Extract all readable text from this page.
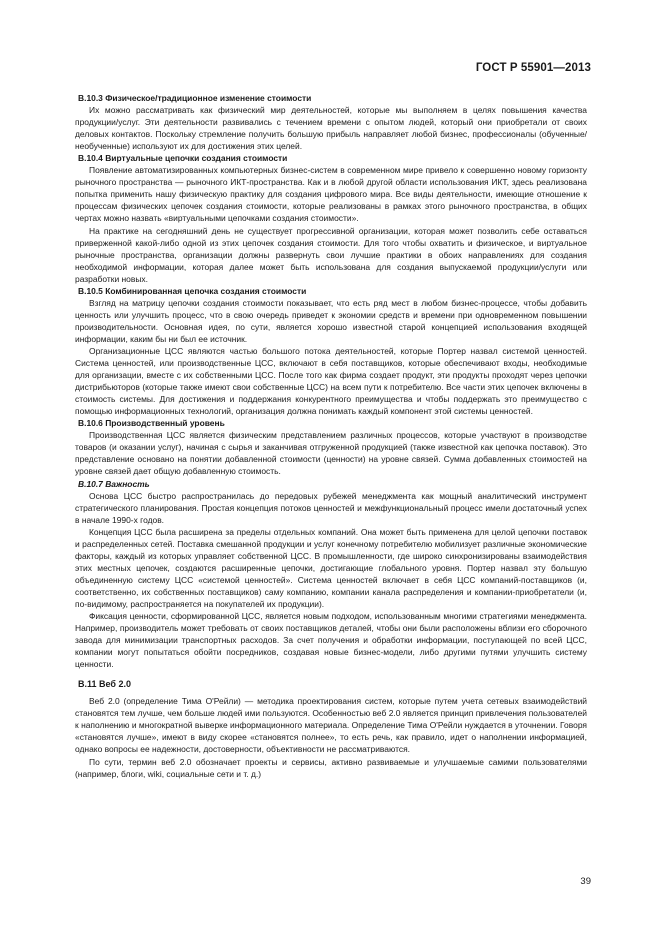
ГОСТ Р 55901—2013
B.10.3 Физическое/традиционное изменение стоимости

Их можно рассматривать как физический мир деятельностей, которые мы выполняем в целях повышения качества продукции/услуг. Эти деятельности развивались с течением времени с опытом людей, который они приобретали от своих деловых контактов. Поскольку стремление получить большую прибыль направляет любой бизнес, профессионалы (обученные/необученные) используют их для достижения этих целей.

B.10.4 Виртуальные цепочки создания стоимости

Появление автоматизированных компьютерных бизнес-систем в современном мире привело к совершенно новому горизонту рыночного пространства — рыночного ИКТ-пространства. Как и в любой другой области использования ИКТ, здесь реализована попытка применить нашу физическую практику для создания цифрового мира. Все виды деятельности, имеющие отношение к процессам физических цепочек создания стоимости, которые реализованы в рамках этого рыночного пространства, в общих чертах можно назвать «виртуальными цепочками создания стоимости».

На практике на сегодняшний день не существует прогрессивной организации, которая может позволить себе оставаться приверженной какой-либо одной из этих цепочек создания стоимости. Для того чтобы охватить и физическое, и виртуальное рыночные пространства, организации должны развернуть свои лучшие практики в обоих направлениях для создания необходимой информации, которая далее может быть использована для создания выпускаемой продукции/услуги или разработки новых.

B.10.5 Комбинированная цепочка создания стоимости

Взгляд на матрицу цепочки создания стоимости показывает, что есть ряд мест в любом бизнес-процессе, чтобы добавить ценность или улучшить процесс, что в свою очередь приведет к экономии средств и времени при одновременном повышении производительности. Основная идея, по сути, является хорошо известной старой концепцией использования входящей информации, каким бы ни был ее источник.

Организационные ЦСС являются частью большого потока деятельностей, которые Портер назвал системой ценностей. Система ценностей, или производственные ЦСС, включают в себя поставщиков, которые обеспечивают входы, необходимые для организации, вместе с их собственными ЦСС. После того как фирма создает продукт, эти продукты проходят через цепочки дистрибьюторов (которые также имеют свои собственные ЦСС) на всем пути к потребителю. Все части этих цепочек включены в стоимость системы. Для достижения и поддержания конкурентного преимущества и чтобы поддержать это преимущество с помощью информационных технологий, организация должна понимать каждый компонент этой системы ценностей.

B.10.6 Производственный уровень

Производственная ЦСС является физическим представлением различных процессов, которые участвуют в производстве товаров (и оказании услуг), начиная с сырья и заканчивая отгруженной продукцией (также известной как цепочка поставок). Это представление основано на понятии добавленной стоимости (ценности) на уровне связей. Сумма добавленных стоимостей на уровне связей дает общую добавленную стоимость.

B.10.7 Важность

Основа ЦСС быстро распространилась до передовых рубежей менеджмента как мощный аналитический инструмент стратегического планирования. Простая концепция потоков ценностей и межфункциональный процесс имели достаточный успех в начале 1990-х годов.

Концепция ЦСС была расширена за пределы отдельных компаний. Она может быть применена для целой цепочки поставок и распределенных сетей. Поставка смешанной продукции и услуг конечному потребителю мобилизует различные экономические факторы, каждый из которых управляет собственной ЦСС. В промышленности, где широко синхронизированы взаимодействия этих местных цепочек, создаются расширенные цепочки, достигающие глобального уровня. Портер назвал эту большую объединенную систему ЦСС «системой ценностей». Система ценностей включает в себя ЦСС компаний-поставщиков (и, соответственно, их собственных поставщиков) саму компанию, компании канала распределения и компании-приобретатели (и, по-видимому, распространяется на покупателей их продукции).

Фиксация ценности, сформированной ЦСС, является новым подходом, использованным многими стратегиями менеджмента. Например, производитель может требовать от своих поставщиков деталей, чтобы они были расположены вблизи его сборочного завода для минимизации транспортных расходов. За счет получения и обработки информации, поступающей по всей ЦСС, компании могут попытаться обойти посредников, создавая новые бизнес-модели, либо другими путями улучшить систему ценности.

B.11 Веб 2.0

Веб 2.0 (определение Тима О'Рейли) — методика проектирования систем, которые путем учета сетевых взаимодействий становятся тем лучше, чем больше людей ими пользуются. Особенностью веб 2.0 является принцип привлечения пользователей к наполнению и многократной выверке информационного материала. Определение Тима О'Рейли нуждается в уточнении. Говоря «становятся лучше», имеют в виду скорее «становятся полнее», то есть речь, как правило, идет о наполнении информацией, однако вопросы ее надежности, достоверности, объективности не рассматриваются.

По сути, термин веб 2.0 обозначает проекты и сервисы, активно развиваемые и улучшаемые самими пользователями (например, блоги, wiki, социальные сети и т. д.)

39
